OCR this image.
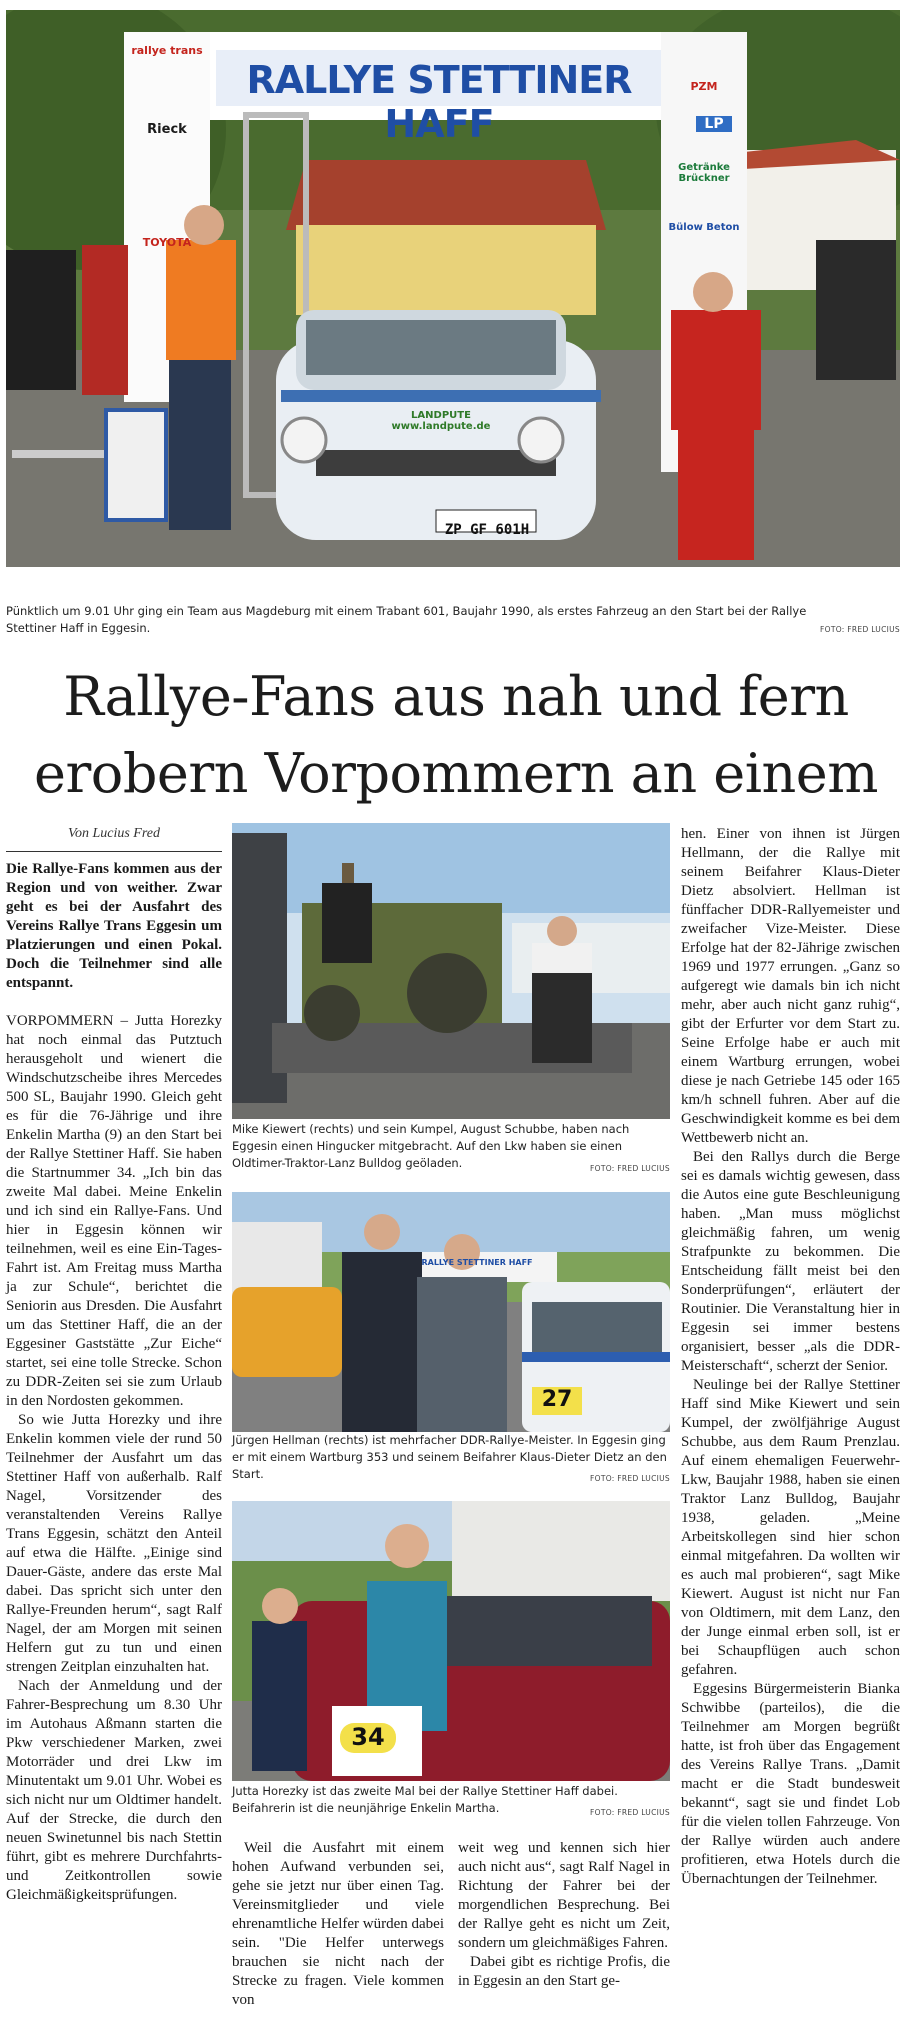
RALLYE STETTINER HAFF
rallye trans
Rieck
TOYOTA
PZM
LP
Getränke Brückner
Bülow Beton
LANDPUTE www.landpute.de
ZP GF 601H
Pünktlich um 9.01 Uhr ging ein Team aus Magdeburg mit einem Trabant 601, Baujahr 1990, als erstes Fahrzeug an den Start bei der Rallye Stettiner Haff in Eggesin.	FOTO: FRED LUCIUS
Rallye-Fans aus nah und fern
erobern Vorpommern an einem
Von Lucius Fred

Die Rallye-Fans kommen aus der Region und von weither. Zwar geht es bei der Ausfahrt des Vereins Rallye Trans Eggesin um Platzierungen und einen Pokal. Doch die Teilnehmer sind alle entspannt.

VORPOMMERN – Jutta Horezky hat noch einmal das Putztuch herausgeholt und wienert die Windschutzscheibe ihres Mercedes 500 SL, Baujahr 1990. Gleich geht es für die 76-Jährige und ihre Enkelin Martha (9) an den Start bei der Rallye Stettiner Haff. Sie haben die Startnummer 34. „Ich bin das zweite Mal dabei. Meine Enkelin und ich sind ein Rallye-Fans. Und hier in Eggesin können wir teilnehmen, weil es eine Ein-Tages-Fahrt ist. Am Freitag muss Martha ja zur Schule“, berichtet die Seniorin aus Dresden. Die Ausfahrt um das Stettiner Haff, die an der Eggesiner Gaststätte „Zur Eiche“ startet, sei eine tolle Strecke. Schon zu DDR-Zeiten sei sie zum Urlaub in den Nordosten gekommen.

So wie Jutta Horezky und ihre Enkelin kommen viele der rund 50 Teilnehmer der Ausfahrt um das Stettiner Haff von außerhalb. Ralf Nagel, Vorsitzender des veranstaltenden Vereins Rallye Trans Eggesin, schätzt den Anteil auf etwa die Hälfte. „Einige sind Dauer-Gäste, andere das erste Mal dabei. Das spricht sich unter den Rallye-Freunden herum“, sagt Ralf Nagel, der am Morgen mit seinen Helfern gut zu tun und einen strengen Zeitplan einzuhalten hat.

Nach der Anmeldung und der Fahrer-Besprechung um 8.30 Uhr im Autohaus Aßmann starten die Pkw verschiedener Marken, zwei Motorräder und drei Lkw im Minutentakt um 9.01 Uhr. Wobei es sich nicht nur um Oldtimer handelt. Auf der Strecke, die durch den neuen Swinetunnel bis nach Stettin führt, gibt es mehrere Durchfahrts- und Zeitkontrollen sowie Gleichmäßigkeitsprüfungen.

Mike Kiewert (rechts) und sein Kumpel, August Schubbe, haben nach Eggesin einen Hingucker mitgebracht. Auf den Lkw haben sie einen Oldtimer-Traktor-Lanz Bulldog geöladen.	FOTO: FRED LUCIUS
RALLYE STETTINER HAFF
27
Jürgen Hellman (rechts) ist mehrfacher DDR-Rallye-Meister. In Eggesin ging er mit einem Wartburg 353 und seinem Beifahrer Klaus-Dieter Dietz an den Start.	FOTO: FRED LUCIUS
34
Jutta Horezky ist das zweite Mal bei der Rallye Stettiner Haff dabei. Beifahrerin ist die neunjährige Enkelin Martha.	FOTO: FRED LUCIUS

Weil die Ausfahrt mit einem hohen Aufwand verbunden sei, gehe sie jetzt nur über einen Tag. Vereinsmitglieder und viele ehrenamtliche Helfer würden dabei sein. "Die Helfer unterwegs brauchen sie nicht nach der Strecke zu fragen. Viele kommen von

weit weg und kennen sich hier auch nicht aus“, sagt Ralf Nagel in Richtung der Fahrer bei der morgendlichen Besprechung. Bei der Rallye geht es nicht um Zeit, sondern um gleichmäßiges Fahren.

Dabei gibt es richtige Profis, die in Eggesin an den Start ge-

hen. Einer von ihnen ist Jürgen Hellmann, der die Rallye mit seinem Beifahrer Klaus-Dieter Dietz absolviert. Hellman ist fünffacher DDR-Rallyemeister und zweifacher Vize-Meister. Diese Erfolge hat der 82-Jährige zwischen 1969 und 1977 errungen. „Ganz so aufgeregt wie damals bin ich nicht mehr, aber auch nicht ganz ruhig“, gibt der Erfurter vor dem Start zu. Seine Erfolge habe er auch mit einem Wartburg errungen, wobei diese je nach Getriebe 145 oder 165 km/h schnell fuhren. Aber auf die Geschwindigkeit komme es bei dem Wettbewerb nicht an.

Bei den Rallys durch die Berge sei es damals wichtig gewesen, dass die Autos eine gute Beschleunigung haben. „Man muss möglichst gleichmäßig fahren, um wenig Strafpunkte zu bekommen. Die Entscheidung fällt meist bei den Sonderprüfungen“, erläutert der Routinier. Die Veranstaltung hier in Eggesin sei immer bestens organisiert, besser „als die DDR-Meisterschaft“, scherzt der Senior.

Neulinge bei der Rallye Stettiner Haff sind Mike Kiewert und sein Kumpel, der zwölfjährige August Schubbe, aus dem Raum Prenzlau. Auf einem ehemaligen Feuerwehr-Lkw, Baujahr 1988, haben sie einen Traktor Lanz Bulldog, Baujahr 1938, geladen. „Meine Arbeitskollegen sind hier schon einmal mitgefahren. Da wollten wir es auch mal probieren“, sagt Mike Kiewert. August ist nicht nur Fan von Oldtimern, mit dem Lanz, den der Junge einmal erben soll, ist er bei Schaupflügen auch schon gefahren.

Eggesins Bürgermeisterin Bianka Schwibbe (parteilos), die die Teilnehmer am Morgen begrüßt hatte, ist froh über das Engagement des Vereins Rallye Trans. „Damit macht er die Stadt bundesweit bekannt“, sagt sie und findet Lob für die vielen tollen Fahrzeuge. Von der Rallye würden auch andere profitieren, etwa Hotels durch die Übernachtungen der Teilnehmer.
